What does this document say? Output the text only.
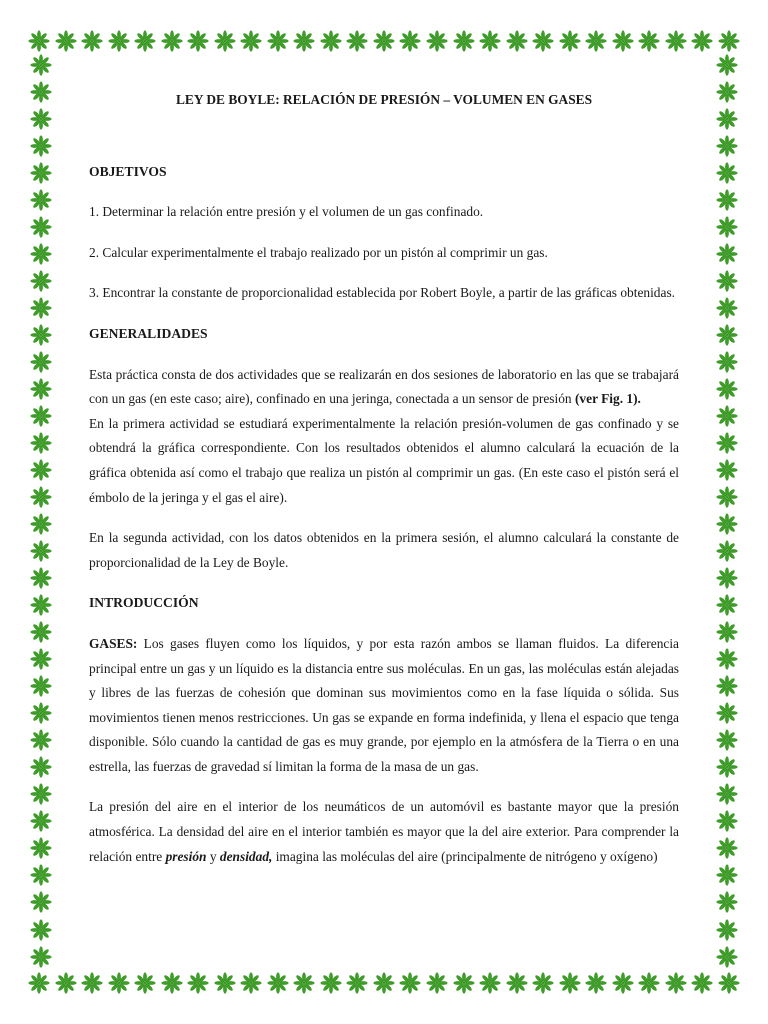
LEY DE BOYLE: RELACIÓN DE PRESIÓN – VOLUMEN EN GASES
OBJETIVOS

1. Determinar la relación entre presión y el volumen de un gas confinado.

2. Calcular experimentalmente el trabajo realizado por un pistón al comprimir un gas.

3. Encontrar la constante de proporcionalidad establecida por Robert Boyle, a partir de las gráficas obtenidas.

GENERALIDADES

Esta práctica consta de dos actividades que se realizarán en dos sesiones de laboratorio en las que se trabajará con un gas (en este caso; aire), confinado en una jeringa, conectada a un sensor de presión (ver Fig. 1).

En la primera actividad se estudiará experimentalmente la relación presión-volumen de gas confinado y se obtendrá la gráfica correspondiente. Con los resultados obtenidos el alumno calculará la ecuación de la gráfica obtenida así como el trabajo que realiza un pistón al comprimir un gas. (En este caso el pistón será el émbolo de la jeringa y el gas el aire).

En la segunda actividad, con los datos obtenidos en la primera sesión, el alumno calculará la constante de proporcionalidad de la Ley de Boyle.

INTRODUCCIÓN

GASES: Los gases fluyen como los líquidos, y por esta razón ambos se llaman fluidos. La diferencia principal entre un gas y un líquido es la distancia entre sus moléculas. En un gas, las moléculas están alejadas y libres de las fuerzas de cohesión que dominan sus movimientos como en la fase líquida o sólida. Sus movimientos tienen menos restricciones. Un gas se expande en forma indefinida, y llena el espacio que tenga disponible. Sólo cuando la cantidad de gas es muy grande, por ejemplo en la atmósfera de la Tierra o en una estrella, las fuerzas de gravedad sí limitan la forma de la masa de un gas.

La presión del aire en el interior de los neumáticos de un automóvil es bastante mayor que la presión atmosférica. La densidad del aire en el interior también es mayor que la del aire exterior. Para comprender la relación entre presión y densidad, imagina las moléculas del aire (principalmente de nitrógeno y oxígeno)
